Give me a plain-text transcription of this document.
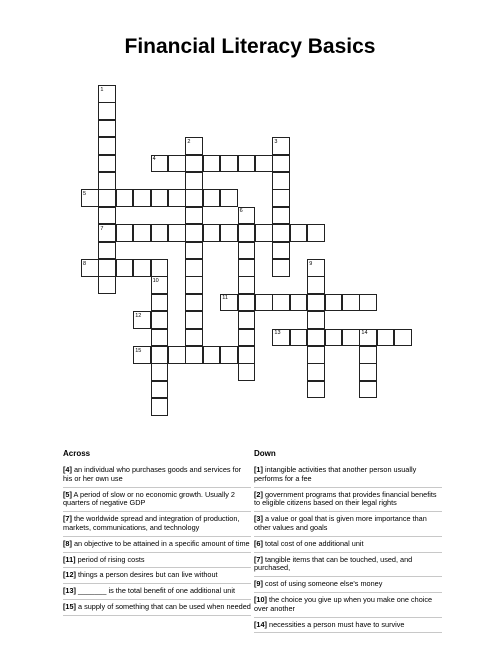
Financial Literacy Basics
1
7
2	3
4
5
6
8
10
9
11
12
13	14
15
Across	Down
[4] an individual who purchases goods and services for his or her own use
[5] A period of slow or no economic growth. Usually 2 quarters of negative GDP
[7] the worldwide spread and integration of production, markets, communications, and technology
[8] an objective to be attained in a specific amount of time
[11] period of rising costs
[12] things a person desires but can live without
[13] _______ is the total benefit of one additional unit
[15] a supply of something that can be used when needed
[1] intangible activities that another person usually performs for a fee
[2] government programs that provides financial benefits to eligible citizens based on their legal rights
[3] a value or goal that is given more importance than other values and goals
[6] total cost of one additional unit
[7] tangible items that can be touched, used, and purchased,
[9] cost of using someone else's money
[10] the choice you give up when you make one choice over another
[14] necessities a person must have to survive
